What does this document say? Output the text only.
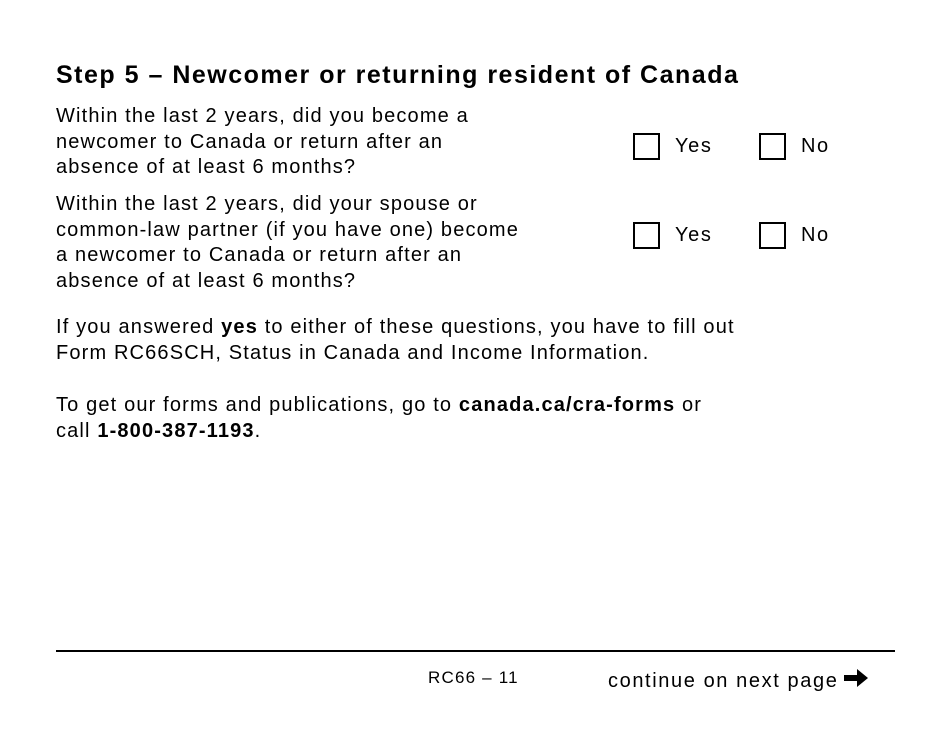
Step 5 – Newcomer or returning resident of Canada
Within the last 2 years, did you become a
newcomer to Canada or return after an
absence of at least 6 months?
Yes	No
Within the last 2 years, did your spouse or
common-law partner (if you have one) become
a newcomer to Canada or return after an
absence of at least 6 months?
Yes	No
If you answered yes to either of these questions, you have to fill out
Form RC66SCH, Status in Canada and Income Information.
To get our forms and publications, go to canada.ca/cra-forms or
call 1-800-387-1193.
RC66 – 11	continue on next page
